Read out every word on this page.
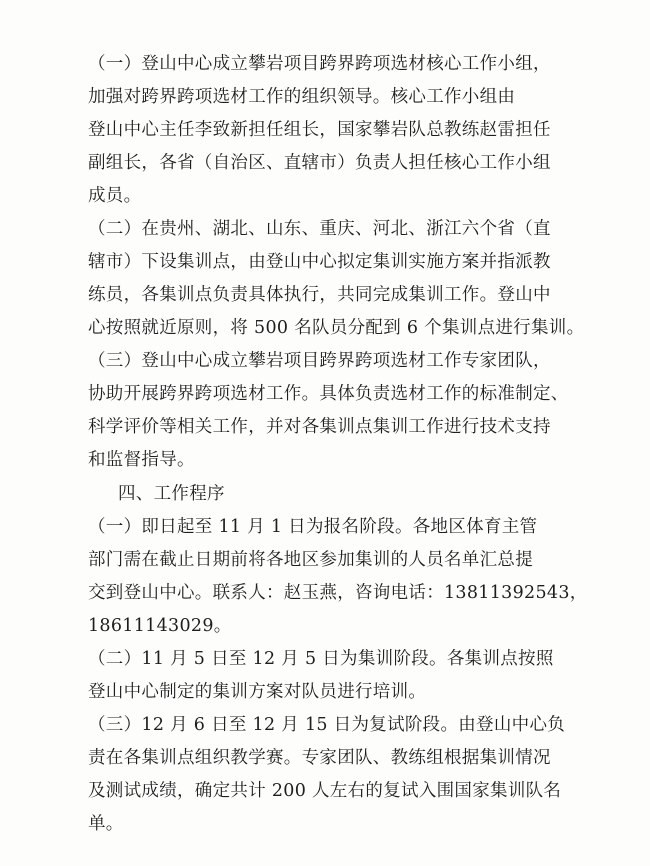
（一）登山中心成立攀岩项目跨界跨项选材核心工作小组，
加强对跨界跨项选材工作的组织领导。核心工作小组由
登山中心主任李致新担任组长，国家攀岩队总教练赵雷担任
副组长，各省（自治区、直辖市）负责人担任核心工作小组
成员。
（二）在贵州、湖北、山东、重庆、河北、浙江六个省（直
辖市）下设集训点，由登山中心拟定集训实施方案并指派教
练员，各集训点负责具体执行，共同完成集训工作。登山中
心按照就近原则，将 500 名队员分配到 6 个集训点进行集训。
（三）登山中心成立攀岩项目跨界跨项选材工作专家团队，
协助开展跨界跨项选材工作。具体负责选材工作的标准制定、
科学评价等相关工作，并对各集训点集训工作进行技术支持
和监督指导。
四、工作程序
（一）即日起至 11 月 1 日为报名阶段。各地区体育主管
部门需在截止日期前将各地区参加集训的人员名单汇总提
交到登山中心。联系人：赵玉燕，咨询电话：13811392543，
18611143029。
（二）11 月 5 日至 12 月 5 日为集训阶段。各集训点按照
登山中心制定的集训方案对队员进行培训。
（三）12 月 6 日至 12 月 15 日为复试阶段。由登山中心负
责在各集训点组织教学赛。专家团队、教练组根据集训情况
及测试成绩，确定共计 200 人左右的复试入围国家集训队名
单。
